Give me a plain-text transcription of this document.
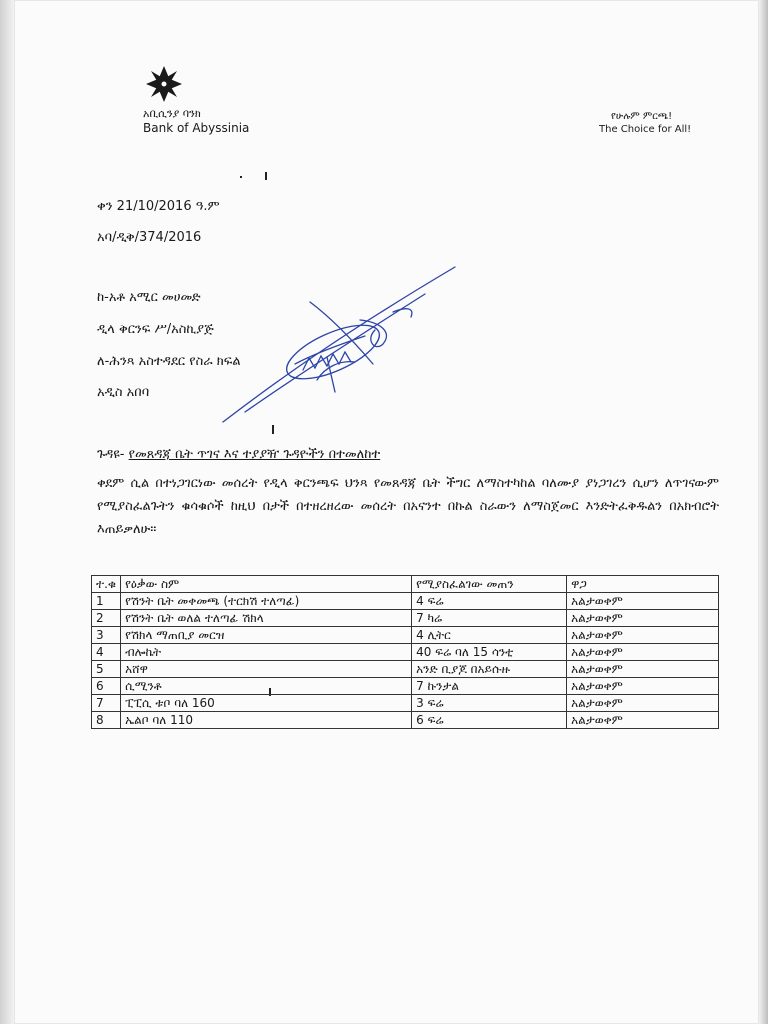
አቢሲንያ ባንክ
Bank of Abyssinia
የሁሉም ምርጫ!
The Choice for All!
ቀን 21/10/2016 ዓ.ም
አባ/ዲቅ/374/2016
ከ-አቶ አሚር መሀመድ
ዲላ ቅርንፍ ሥ/አስኪያጅ
ለ-ሕንጻ አስተዳደር የስራ ክፍል
አዲስ አበባ
ጉዳዩ- የመጸዳጃ ቤት ጥገና እና ተያያዥ ጉዳዮችን በተመለከተ
ቀደም ሲል በተነጋገርነው መሰረት የዲላ ቅርንጫፍ ህንጻ የመጸዳጃ ቤት ችግር ለማስተካከል ባለሙያ ያነጋገረን ሲሆን ለጥገናውም የሚያስፈልጉትን ቁሳቁሶች ከዚህ በታች በተዘረዘረው መሰረት በአናንተ በኩል ስራውን ለማስጀመር እንድትፈቅዱልን በአክብሮት እጠይቃለሁ።
ተ.ቁ	የዕቃው ስም	የሚያስፈልገው መጠን	ዋጋ
1	የሽንት ቤት መቀመጫ (ተርክሽ ተለጣፊ)	4 ፍሬ	አልታወቀም
2	የሽንት ቤት ወለል ተለጣፊ ሽክላ	7 ካሬ	አልታወቀም
3	የሽክላ ማጠቢያ መርዝ	4 ሊትር	አልታወቀም
4	ብሎኬት	40 ፍሬ ባለ 15 ሳንቲ	አልታወቀም
5	አሸዋ	አንድ ቢያጆ በአይሱዙ	አልታወቀም
6	ሲሚንቶ	7 ኩንታል	አልታወቀም
7	ፒፒሲ ቱቦ ባለ 160	3 ፍሬ	አልታወቀም
8	ኤልቦ ባለ 110	6 ፍሬ	አልታወቀም
